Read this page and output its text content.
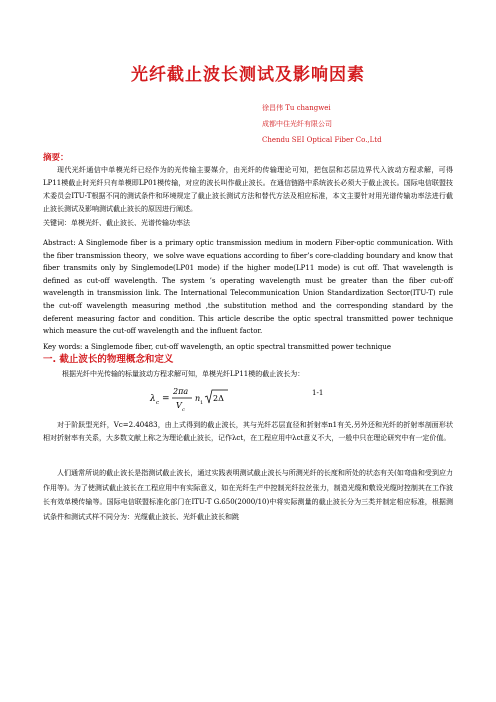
光纤截止波长测试及影响因素
徐昌伟 Tu changwei
成都中住光纤有限公司
Chendu SEI Optical Fiber Co.,Ltd
摘要：

现代光纤通信中单模光纤已经作为的光传输主要媒介，由光纤的传输理论可知，把包层和芯层边界代入波动方程求解，可得LP11模截止时光纤只有单模即LP01模传输，对应的波长叫作截止波长。在通信链路中系统波长必须大于截止波长。国际电信联盟技术委员会ITU-T根据不同的测试条件和环境规定了截止波长测试方法和替代方法及相应标准，本文主要针对用光谱传输功率法进行截止波长测试及影响测试截止波长的原因进行阐述。

关键词：单模光纤、截止波长、光谱传输功率法

Abstract: A Singlemode fiber is a primary optic transmission medium in modern Fiber-optic communication. With the fiber transmission theory，we solve wave equations according to fiber’s core-cladding boundary and know that fiber transmits only by Singlemode(LP01 mode) if the higher mode(LP11 mode) is cut off. That wavelength is defined as cut-off wavelength. The system ’s operating wavelength must be greater than the fiber cut-off wavelength in transmission link. The International Telecommunication Union Standardization Sector(ITU-T) rule the cut-off wavelength measuring method ,the substitution method and the corresponding standard by the deferent measuring factor and condition. This article describe the optic spectral transmitted power technique which measure the cut-off wavelength and the influent factor.

Key words: a Singlemode fiber, cut-off wavelength, an optic spectral transmitted power technique
一. 截止波长的物理概念和定义
根据光纤中光传输的标量波动方程求解可知，单模光纤LP11模的截止波长为：
λ c =
2πa
V c
n 1 2Δ
1-1

对于阶跃型光纤，Vc=2.40483，由上式得到的截止波长，其与光纤芯层直径和折射率n1有关,另外还和光纤的折射率剖面形状相对折射率有关系，大多数文献上称之为理论截止波长，记作λct，在工程应用中λct意义不大，一般中只在理论研究中有一定价值。

人们通常所说的截止波长是指测试截止波长，通过实践表明测试截止波长与所测光纤的长度和所处的状态有关(如弯曲和受到应力作用等)。为了使测试截止波长在工程应用中有实际意义，如在光纤生产中控制光纤拉丝张力，制造光缆和敷设光缆时控制其在工作波长有效单模传输等。国际电信联盟标准化部门在ITU-T G.650(2000/10)中将实际测量的截止波长分为三类并制定相应标准，根据测试条件和测试式样不同分为：光缆截止波长、光纤截止波长和跳
